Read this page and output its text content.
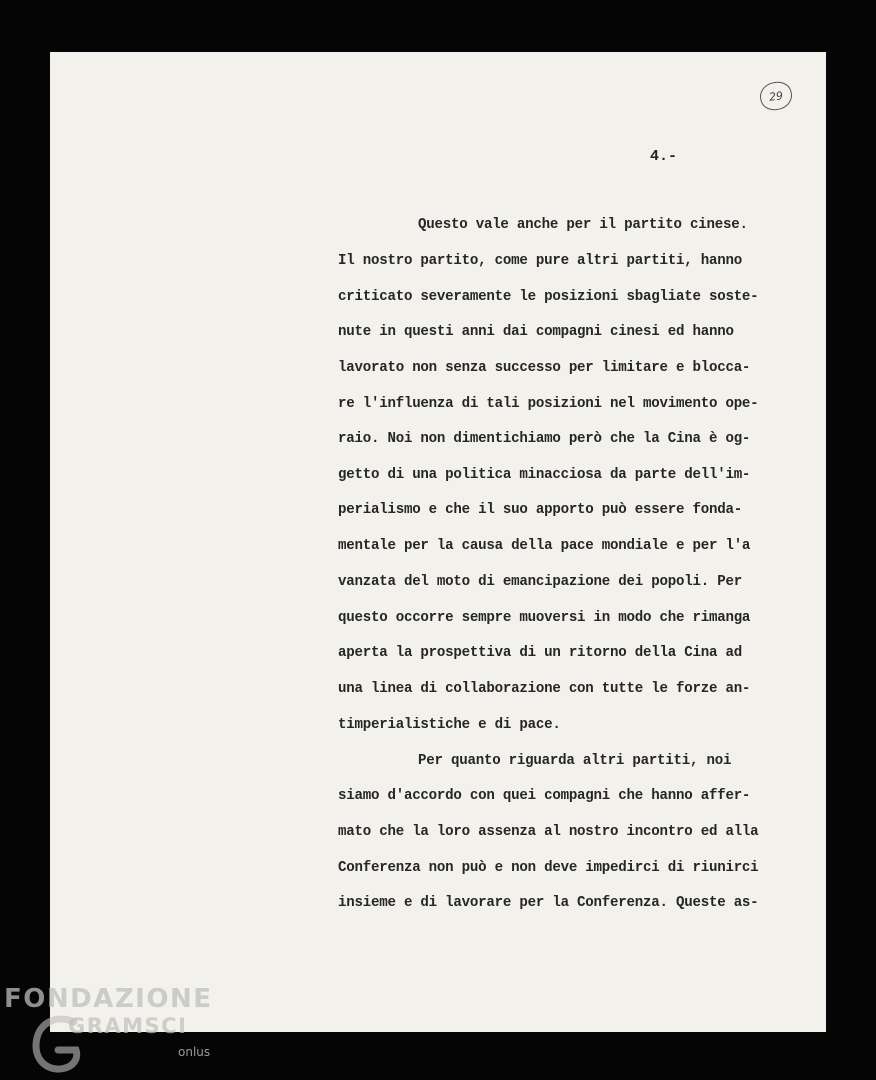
29
4.-
Questo vale anche per il partito cinese.
Il nostro partito, come pure altri partiti, hanno
criticato severamente le posizioni sbagliate soste-
nute in questi anni dai compagni cinesi ed hanno
lavorato non senza successo per limitare e blocca-
re l'influenza di tali posizioni nel movimento ope-
raio. Noi non dimentichiamo però che la Cina è og-
getto di una politica minacciosa da parte dell'im-
perialismo e che il suo apporto può essere fonda-
mentale per la causa della pace mondiale e per l'a
vanzata del moto di emancipazione dei popoli. Per
questo occorre sempre muoversi in modo che rimanga
aperta la prospettiva di un ritorno della Cina ad
una linea di collaborazione con tutte le forze an-
timperialistiche e di pace.
Per quanto riguarda altri partiti, noi
siamo d'accordo con quei compagni che hanno affer-
mato che la loro assenza al nostro incontro ed alla
Conferenza non può e non deve impedirci di riunirci
insieme e di lavorare per la Conferenza. Queste as-
FONDAZIONE
GRAMSCI
onlus
